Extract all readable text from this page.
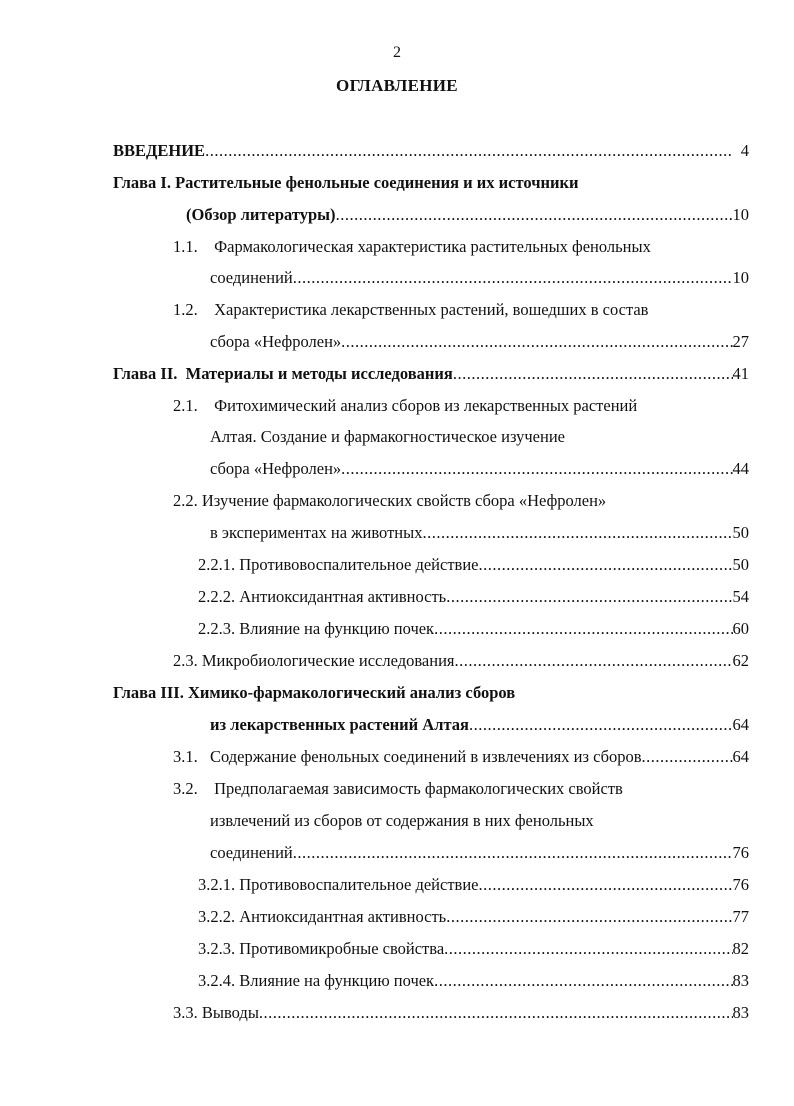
2
ОГЛАВЛЕНИЕ
ВВЕДЕНИЕ .....	4
Глава I. Растительные фенольные соединения и их источники
(Обзор литературы) .....	10
1.1. Фармакологическая характеристика растительных фенольных
соединений .....	10
1.2. Характеристика лекарственных растений, вошедших в состав
сбора «Нефролен» .....	27
Глава II.  Материалы и методы исследования .....	41
2.1. Фитохимический анализ сборов из лекарственных растений
Алтая. Создание и фармакогностическое изучение
сбора «Нефролен» .....	44
2.2. Изучение фармакологических свойств сбора «Нефролен»
в экспериментах на животных .....	50
2.2.1. Противовоспалительное действие .....	50
2.2.2. Антиоксидантная активность .....	54
2.2.3. Влияние на функцию почек .....	60
2.3. Микробиологические исследования .....	62
Глава III. Химико-фармакологический анализ сборов
из лекарственных растений Алтая .....	64
3.1. Содержание фенольных соединений в извлечениях из сборов .....	64
3.2. Предполагаемая зависимость фармакологических свойств
извлечений из сборов от содержания в них фенольных
соединений .....	76
3.2.1. Противовоспалительное действие .....	76
3.2.2. Антиоксидантная активность .....	77
3.2.3. Противомикробные свойства .....	82
3.2.4. Влияние на функцию почек .....	83
3.3. Выводы .....	83
